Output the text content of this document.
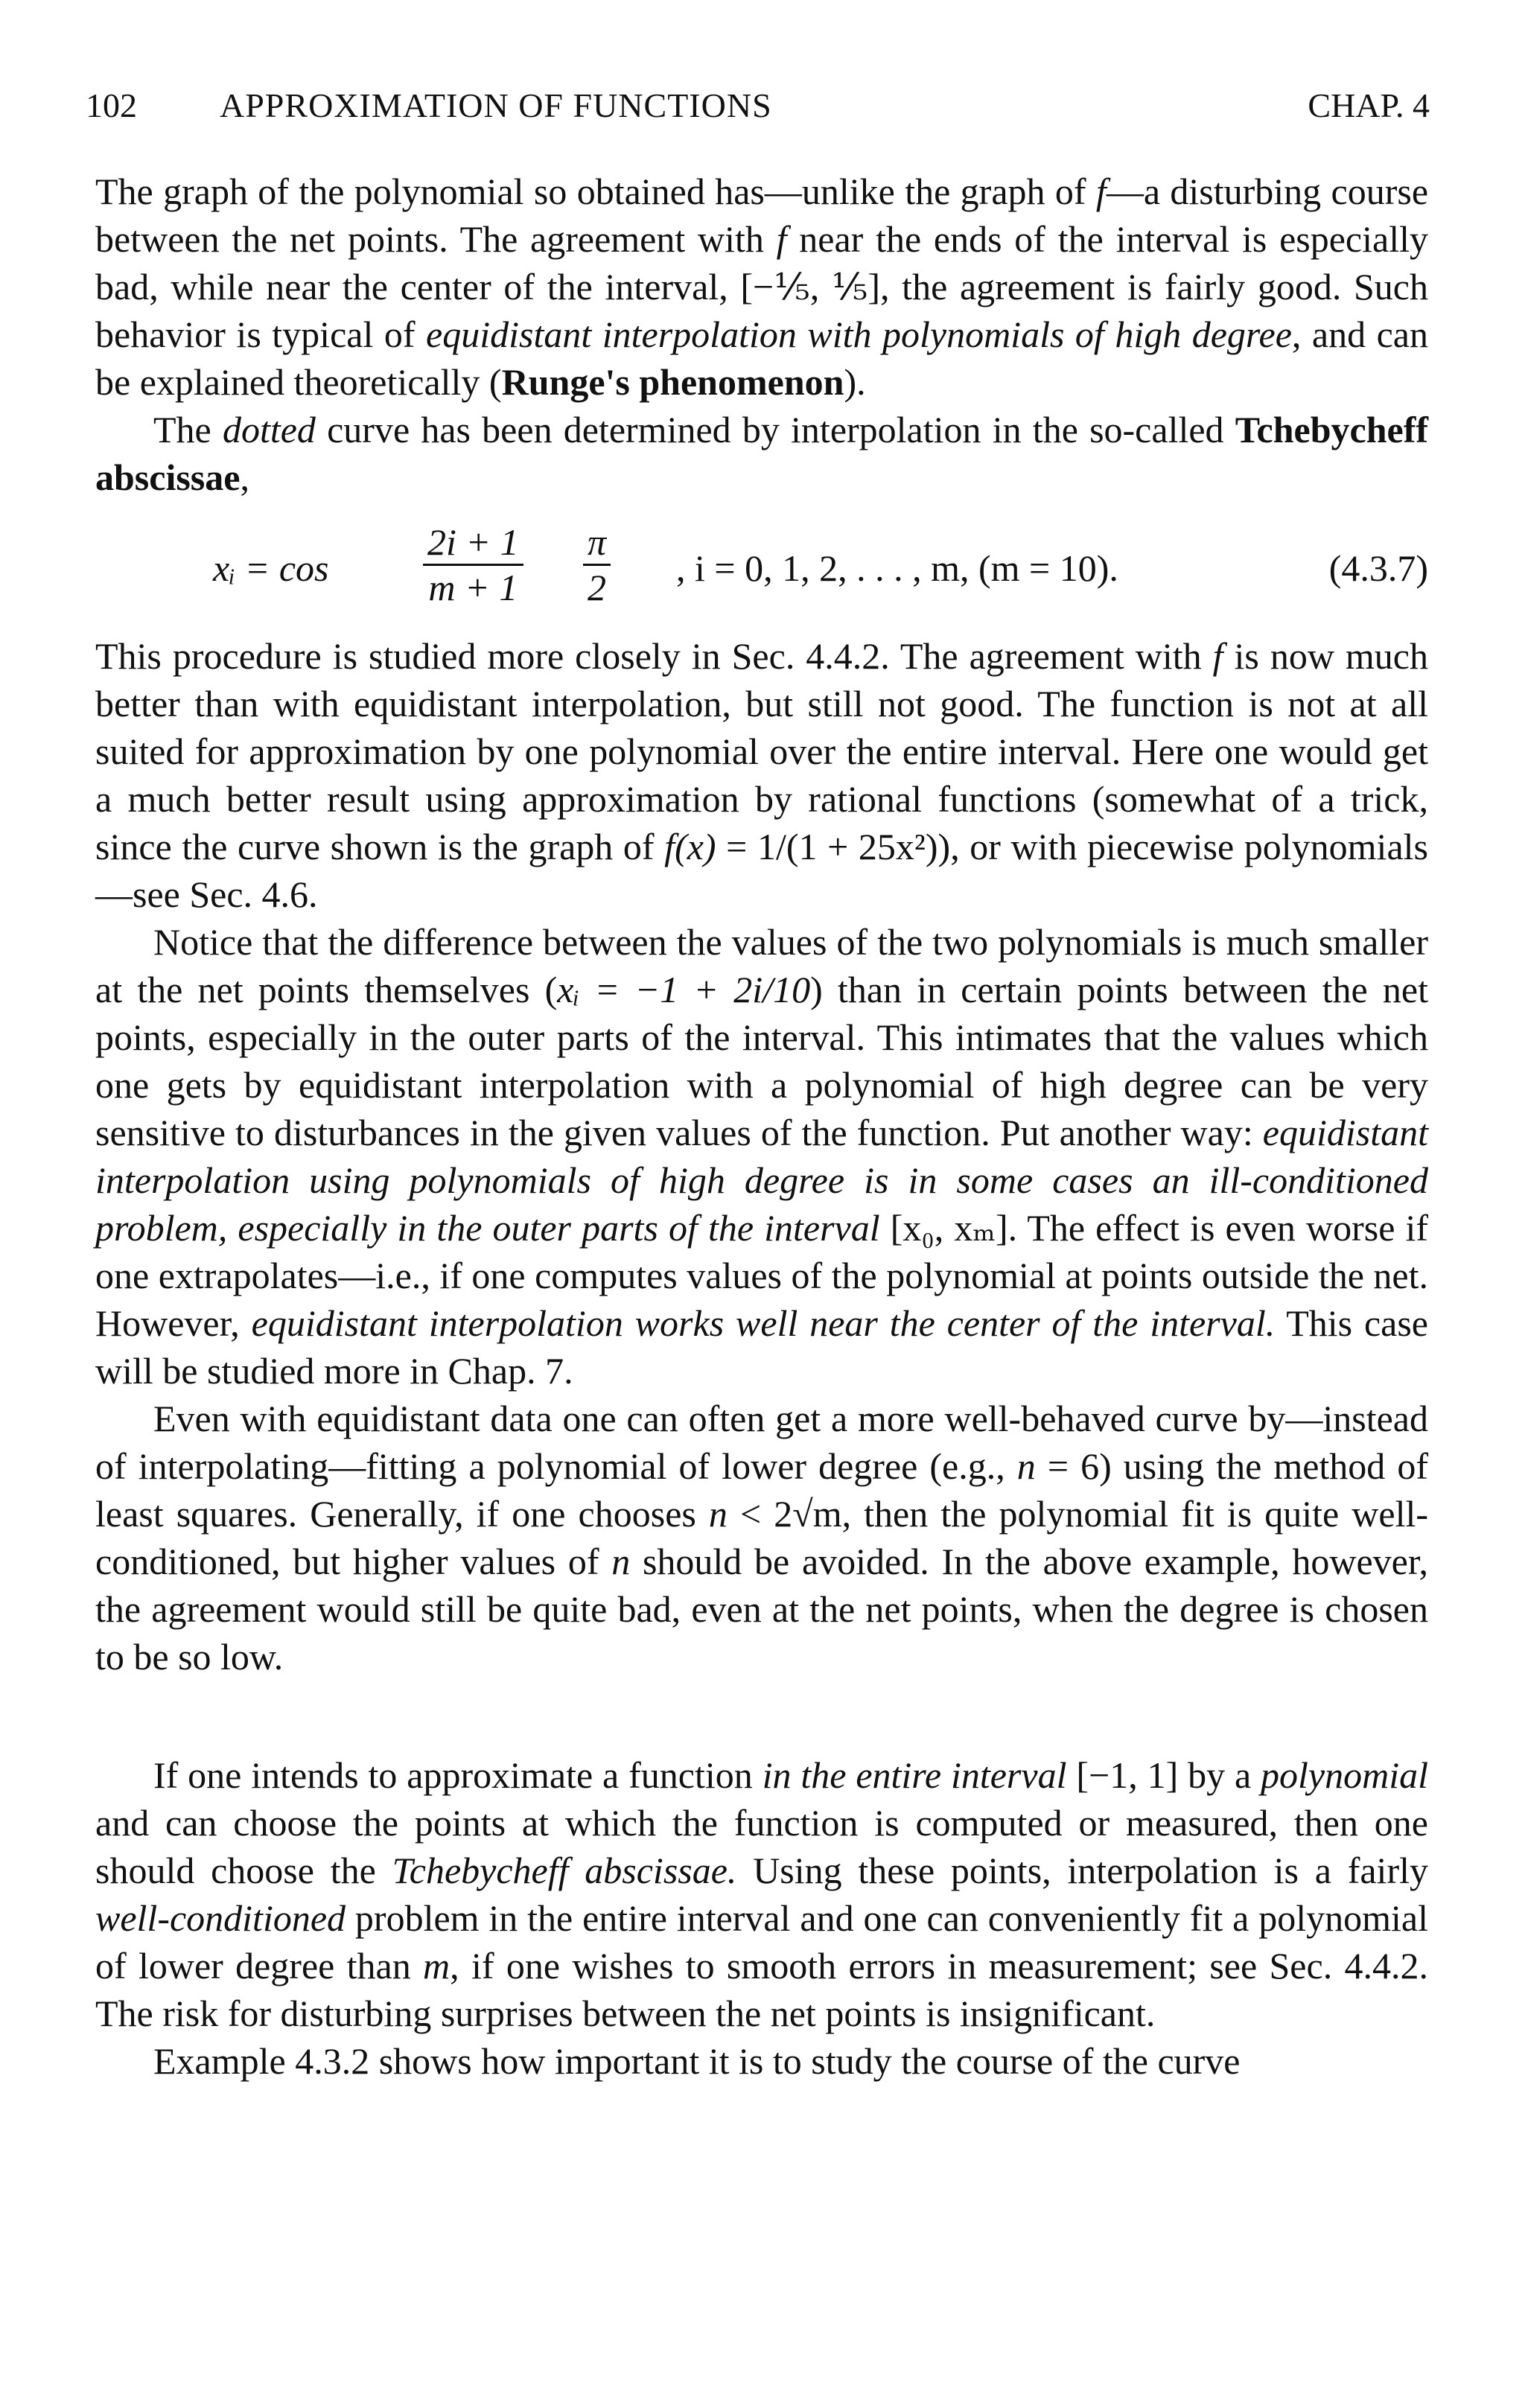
102 APPROXIMATION OF FUNCTIONS	CHAP. 4

The graph of the polynomial so obtained has—unlike the graph of f—a disturbing course between the net points. The agreement with f near the ends of the interval is especially bad, while near the center of the interval, [−⅕, ⅕], the agreement is fairly good. Such behavior is typical of equidistant interpolation with polynomials of high degree, and can be explained theoretically (Runge's phenomenon).

The dotted curve has been determined by interpolation in the so-called Tchebycheff abscissae,

xᵢ = cos	$\frac{2i + 1}{m + 1} \frac{\pi}{2}$ , i = 0, 1, 2, . . . , m, (m = 10).	(4.3.7)

This procedure is studied more closely in Sec. 4.4.2. The agreement with f is now much better than with equidistant interpolation, but still not good. The function is not at all suited for approximation by one polynomial over the entire interval. Here one would get a much better result using approximation by rational functions (somewhat of a trick, since the curve shown is the graph of f(x) = 1/(1 + 25x²)), or with piecewise polynomials—see Sec. 4.6.

Notice that the difference between the values of the two polynomials is much smaller at the net points themselves (xᵢ = −1 + 2i/10) than in certain points between the net points, especially in the outer parts of the interval. This intimates that the values which one gets by equidistant interpolation with a polynomial of high degree can be very sensitive to disturbances in the given values of the function. Put another way: equidistant interpolation using polynomials of high degree is in some cases an ill-conditioned problem, especially in the outer parts of the interval [x₀, xₘ]. The effect is even worse if one extrapolates—i.e., if one computes values of the polynomial at points outside the net. However, equidistant interpolation works well near the center of the interval. This case will be studied more in Chap. 7.

Even with equidistant data one can often get a more well-behaved curve by—instead of interpolating—fitting a polynomial of lower degree (e.g., n = 6) using the method of least squares. Generally, if one chooses n < 2√m, then the polynomial fit is quite well-conditioned, but higher values of n should be avoided. In the above example, however, the agreement would still be quite bad, even at the net points, when the degree is chosen to be so low.

If one intends to approximate a function in the entire interval [−1, 1] by a polynomial and can choose the points at which the function is computed or measured, then one should choose the Tchebycheff abscissae. Using these points, interpolation is a fairly well-conditioned problem in the entire interval and one can conveniently fit a polynomial of lower degree than m, if one wishes to smooth errors in measurement; see Sec. 4.4.2. The risk for disturbing surprises between the net points is insignificant.

Example 4.3.2 shows how important it is to study the course of the curve
